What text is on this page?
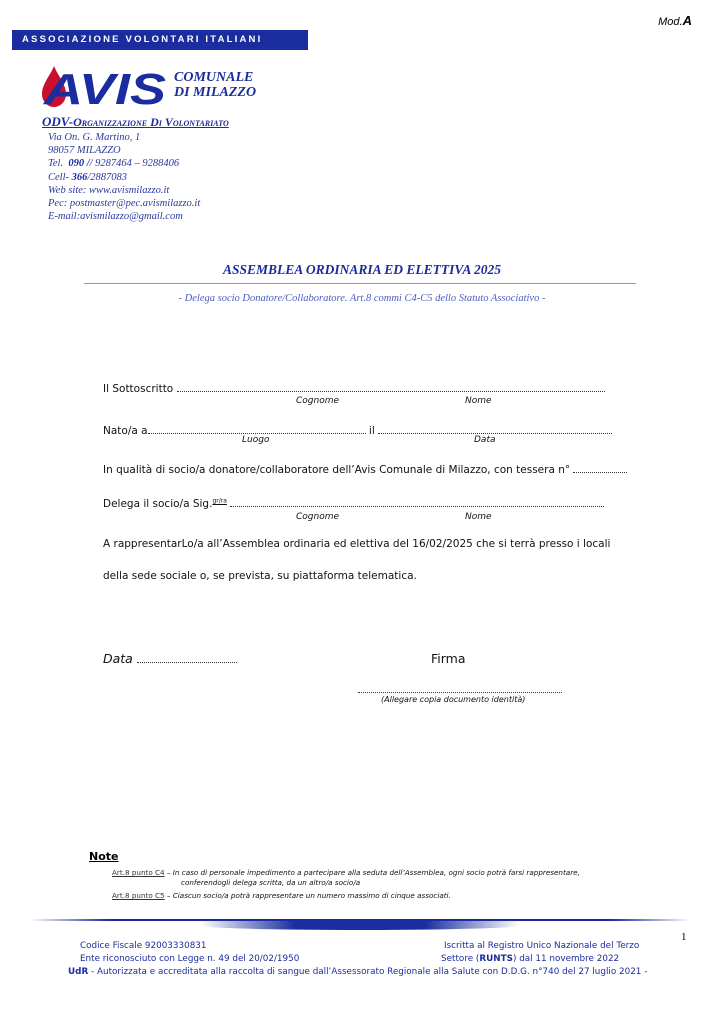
Mod.A
ASSOCIAZIONE VOLONTARI ITALIANI SANGUE
AVIS COMUNALE
DI MILAZZO
ODV-Organizzazione Di Volontariato
Via On. G. Martino, 1
98057 MILAZZO
Tel. 090 // 9287464 – 9288406
Cell- 366/2887083
Web site: www.avismilazzo.it
Pec: postmaster@pec.avismilazzo.it
E-mail:avismilazzo@gmail.com
ASSEMBLEA ORDINARIA ED ELETTIVA 2025
- Delega socio Donatore/Collaboratore. Art.8 commi C4-C5 dello Statuto Associativo -
Il Sottoscritto
Cognome	Nome
Nato/a a	il
Luogo	Data
In qualità di socio/a donatore/collaboratore dell’Avis Comunale di Milazzo, con tessera n°
Delega il socio/a Sig.$^{gr/ra}$
Cognome	Nome
A rappresentarLo/a all’Assemblea ordinaria ed elettiva del 16/02/2025 che si terrà presso i locali
della sede sociale o, se prevista, su piattaforma telematica.
Data	Firma
(Allegare copia documento identità)
Note
Art.8 punto C4 – In caso di personale impedimento a partecipare alla seduta dell’Assemblea, ogni socio potrà farsi rappresentare,
conferendogli delega scritta, da un altro/a socio/a
Art.8 punto C5 – Ciascun socio/a potrà rappresentare un numero massimo di cinque associati.
1
Codice Fiscale 92003330831
Ente riconosciuto con Legge n. 49 del 20/02/1950
Iscritta al Registro Unico Nazionale del Terzo
Settore (RUNTS) dal 11 novembre 2022
UdR - Autorizzata e accreditata alla raccolta di sangue dall’Assessorato Regionale alla Salute con D.D.G. n°740 del 27 luglio 2021 -
